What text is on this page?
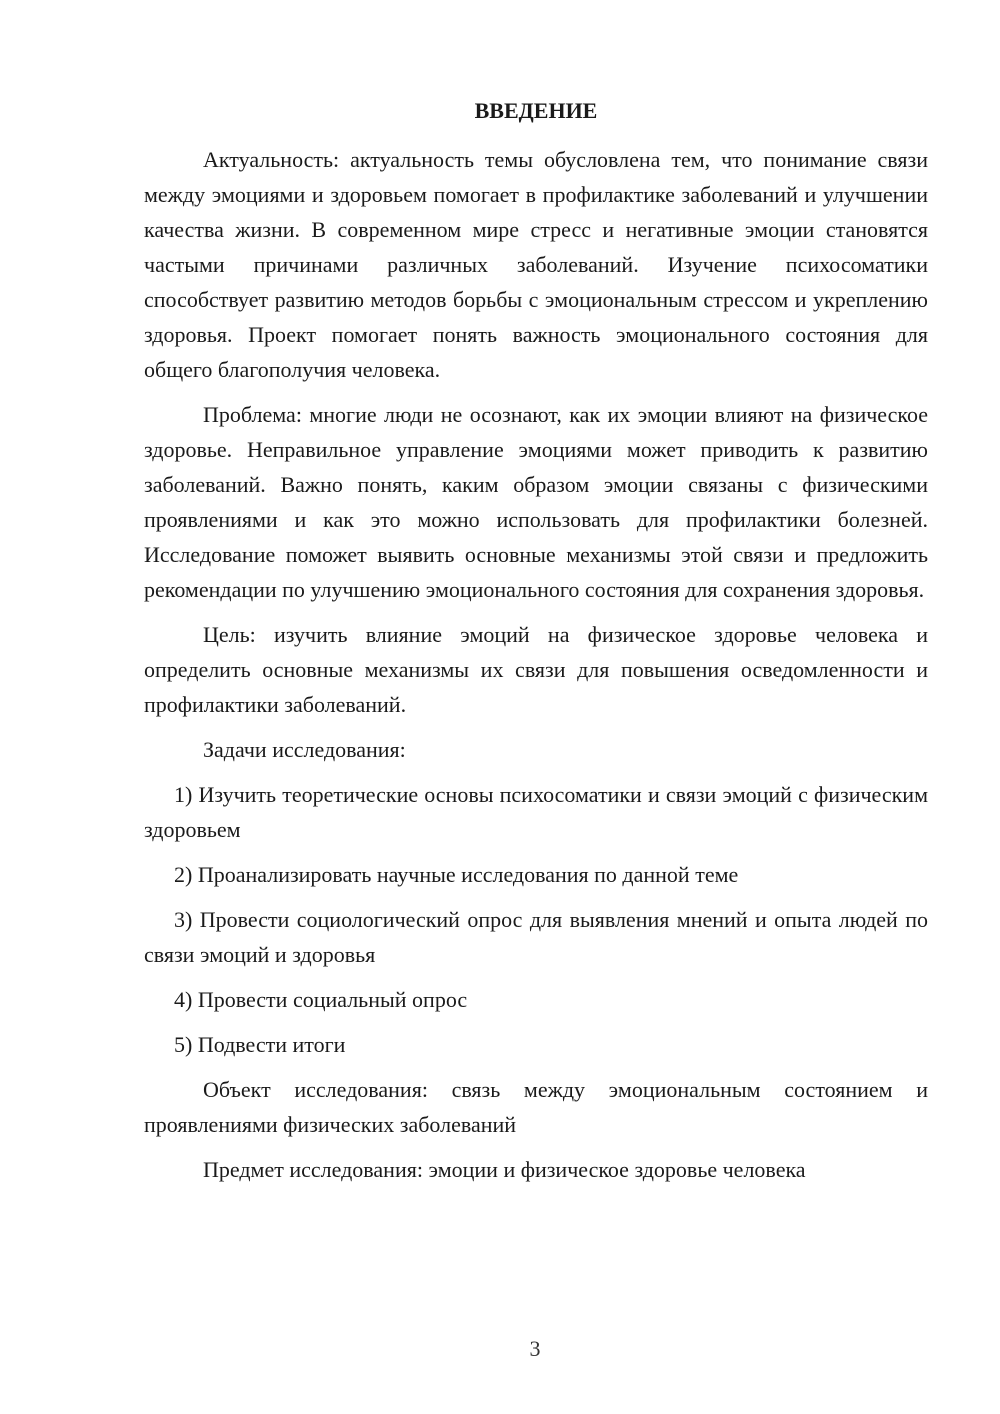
ВВЕДЕНИЕ

Актуальность: актуальность темы обусловлена тем, что понимание связи между эмоциями и здоровьем помогает в профилактике заболеваний и улучшении качества жизни. В современном мире стресс и негативные эмоции становятся частыми причинами различных заболеваний. Изучение психосоматики способствует развитию методов борьбы с эмоциональным стрессом и укреплению здоровья. Проект помогает понять важность эмоционального состояния для общего благополучия человека.

Проблема: многие люди не осознают, как их эмоции влияют на физическое здоровье. Неправильное управление эмоциями может приводить к развитию заболеваний. Важно понять, каким образом эмоции связаны с физическими проявлениями и как это можно использовать для профилактики болезней. Исследование поможет выявить основные механизмы этой связи и предложить рекомендации по улучшению эмоционального состояния для сохранения здоровья.

Цель: изучить влияние эмоций на физическое здоровье человека и определить основные механизмы их связи для повышения осведомленности и профилактики заболеваний.

Задачи исследования:

1) Изучить теоретические основы психосоматики и связи эмоций с физическим здоровьем

2) Проанализировать научные исследования по данной теме

3) Провести социологический опрос для выявления мнений и опыта людей по связи эмоций и здоровья

4) Провести социальный опрос

5) Подвести итоги

Объект исследования: связь между эмоциональным состоянием и проявлениями физических заболеваний

Предмет исследования: эмоции и физическое здоровье человека

3
